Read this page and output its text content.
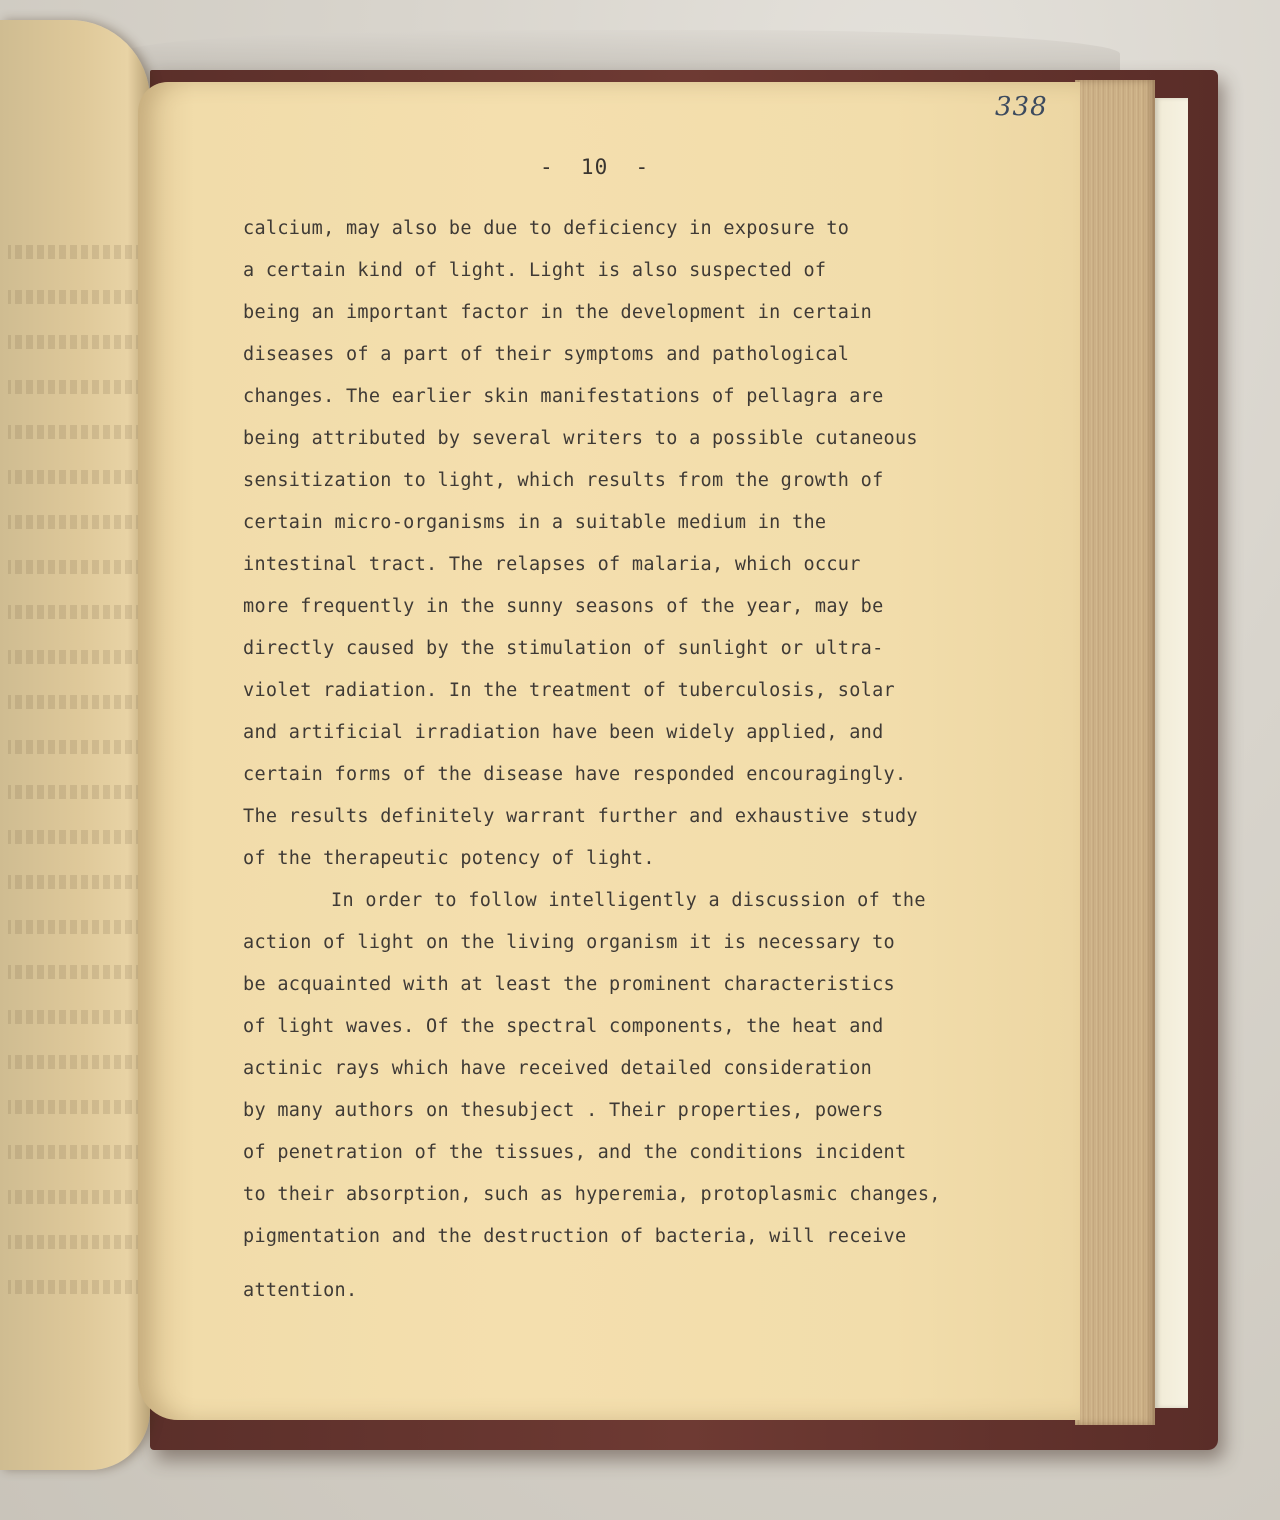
338
-  10  -
calcium, may also be due to deficiency in exposure to
a certain kind of light. Light is also suspected of
being an important factor in the development in certain
diseases of a part of their symptoms and pathological
changes. The earlier skin manifestations of pellagra are
being attributed by several writers to a possible cutaneous
sensitization to light, which results from the growth of
certain micro-organisms in a suitable medium in the
intestinal tract. The relapses of malaria, which occur
more frequently in the sunny seasons of the year, may be
directly caused by the stimulation of sunlight or ultra-
violet radiation. In the treatment of tuberculosis, solar
and artificial irradiation have been widely applied, and
certain forms of the disease have responded encouragingly.
The results definitely warrant further and exhaustive study
of the therapeutic potency of light.
In order to follow intelligently a discussion of the
action of light on the living organism it is necessary to
be acquainted with at least the prominent characteristics
of light waves. Of the spectral components, the heat and
actinic rays which have received detailed consideration
by many authors on thesubject . Their properties, powers
of penetration of the tissues, and the conditions incident
to their absorption, such as hyperemia, protoplasmic changes,
pigmentation and the destruction of bacteria, will receive
attention.
